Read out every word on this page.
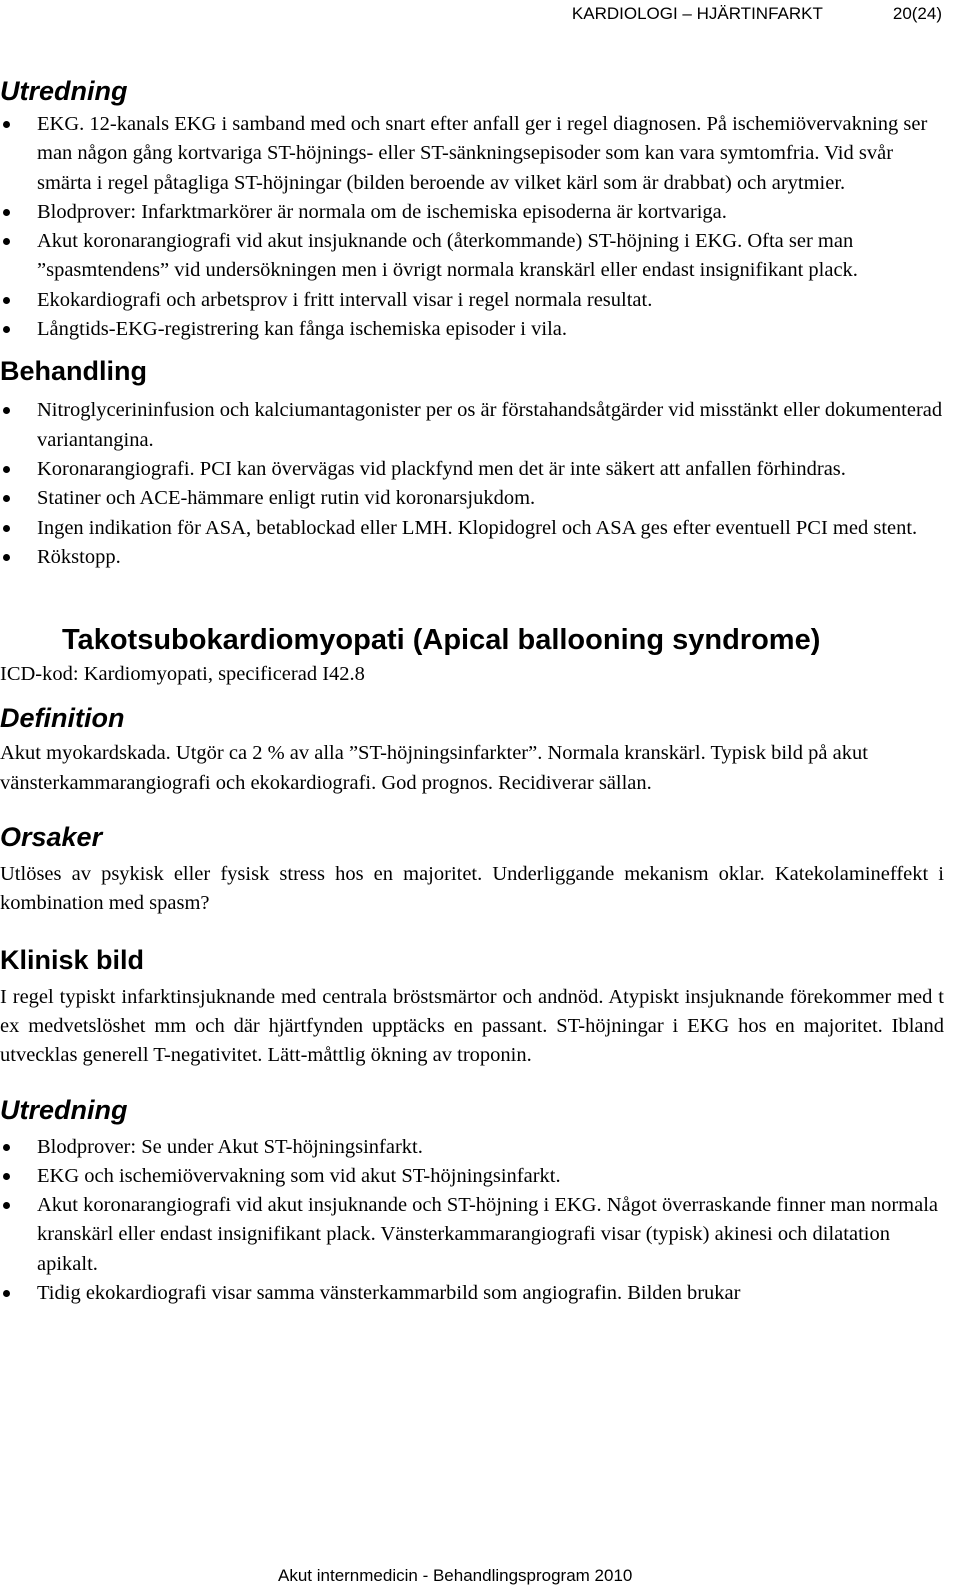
KARDIOLOGI – HJÄRTINFARKT	20(24)
Utredning
EKG. 12-kanals EKG i samband med och snart efter anfall ger i regel diagnosen. På ischemiövervakning ser man någon gång kortvariga ST-höjnings- eller ST-sänkningsepisoder som kan vara symtomfria. Vid svår smärta i regel påtagliga ST-höjningar (bilden beroende av vilket kärl som är drabbat) och arytmier.
Blodprover: Infarktmarkörer är normala om de ischemiska episoderna är kortvariga.
Akut koronarangiografi vid akut insjuknande och (återkommande) ST-höjning i EKG. Ofta ser man ”spasmtendens” vid undersökningen men i övrigt normala kranskärl eller endast insignifikant plack.
Ekokardiografi och arbetsprov i fritt intervall visar i regel normala resultat.
Långtids-EKG-registrering kan fånga ischemiska episoder i vila.
Behandling
Nitroglycerininfusion och kalciumantagonister per os är förstahandsåtgärder vid misstänkt eller dokumenterad variantangina.
Koronarangiografi. PCI kan övervägas vid plackfynd men det är inte säkert att anfallen förhindras.
Statiner och ACE-hämmare enligt rutin vid koronarsjukdom.
Ingen indikation för ASA, betablockad eller LMH. Klopidogrel och ASA ges efter eventuell PCI med stent.
Rökstopp.
Takotsubokardiomyopati (Apical ballooning syndrome)

ICD-kod: Kardiomyopati, specificerad I42.8

Definition

Akut myokardskada. Utgör ca 2 % av alla ”ST-höjningsinfarkter”. Normala kranskärl. Typisk bild på akut vänsterkammarangiografi och ekokardiografi. God prognos. Recidiverar sällan.

Orsaker

Utlöses av psykisk eller fysisk stress hos en majoritet. Underliggande mekanism oklar. Katekolamineffekt i kombination med spasm?

Klinisk bild

I regel typiskt infarktinsjuknande med centrala bröstsmärtor och andnöd. Atypiskt insjuknande förekommer med t ex medvetslöshet mm och där hjärtfynden upptäcks en passant. ST-höjningar i EKG hos en majoritet. Ibland utvecklas generell T-negativitet. Lätt-måttlig ökning av troponin.

Utredning
Blodprover: Se under Akut ST-höjningsinfarkt.
EKG och ischemiövervakning som vid akut ST-höjningsinfarkt.
Akut koronarangiografi vid akut insjuknande och ST-höjning i EKG. Något överraskande finner man normala kranskärl eller endast insignifikant plack. Vänsterkammarangiografi visar (typisk) akinesi och dilatation apikalt.
Tidig ekokardiografi visar samma vänsterkammarbild som angiografin. Bilden brukar
Akut internmedicin - Behandlingsprogram 2010
